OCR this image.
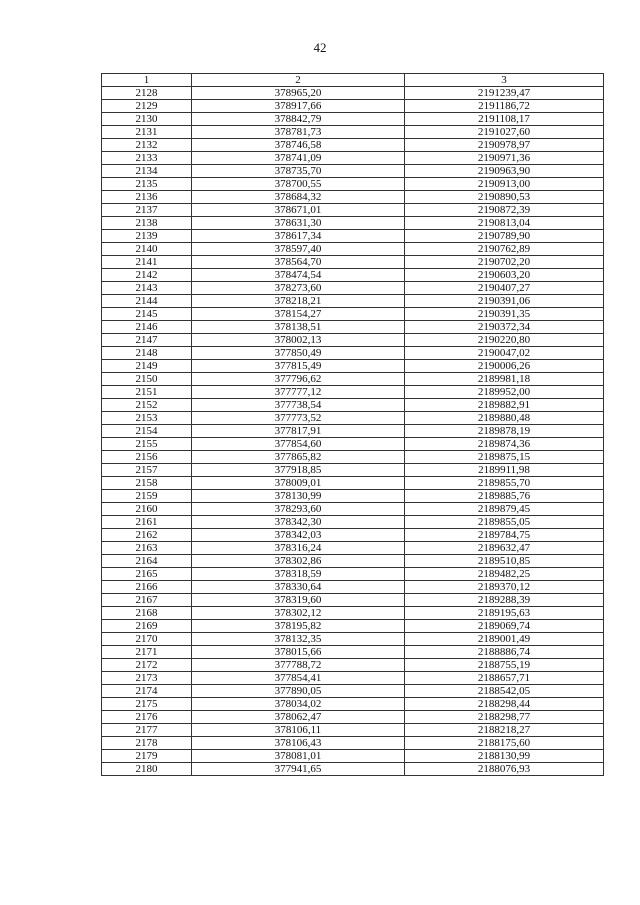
42
1	2	3
2128	378965,20	2191239,47
2129	378917,66	2191186,72
2130	378842,79	2191108,17
2131	378781,73	2191027,60
2132	378746,58	2190978,97
2133	378741,09	2190971,36
2134	378735,70	2190963,90
2135	378700,55	2190913,00
2136	378684,32	2190890,53
2137	378671,01	2190872,39
2138	378631,30	2190813,04
2139	378617,34	2190789,90
2140	378597,40	2190762,89
2141	378564,70	2190702,20
2142	378474,54	2190603,20
2143	378273,60	2190407,27
2144	378218,21	2190391,06
2145	378154,27	2190391,35
2146	378138,51	2190372,34
2147	378002,13	2190220,80
2148	377850,49	2190047,02
2149	377815,49	2190006,26
2150	377796,62	2189981,18
2151	377777,12	2189952,00
2152	377738,54	2189882,91
2153	377773,52	2189880,48
2154	377817,91	2189878,19
2155	377854,60	2189874,36
2156	377865,82	2189875,15
2157	377918,85	2189911,98
2158	378009,01	2189855,70
2159	378130,99	2189885,76
2160	378293,60	2189879,45
2161	378342,30	2189855,05
2162	378342,03	2189784,75
2163	378316,24	2189632,47
2164	378302,86	2189510,85
2165	378318,59	2189482,25
2166	378330,64	2189370,12
2167	378319,60	2189288,39
2168	378302,12	2189195,63
2169	378195,82	2189069,74
2170	378132,35	2189001,49
2171	378015,66	2188886,74
2172	377788,72	2188755,19
2173	377854,41	2188657,71
2174	377890,05	2188542,05
2175	378034,02	2188298,44
2176	378062,47	2188298,77
2177	378106,11	2188218,27
2178	378106,43	2188175,60
2179	378081,01	2188130,99
2180	377941,65	2188076,93
